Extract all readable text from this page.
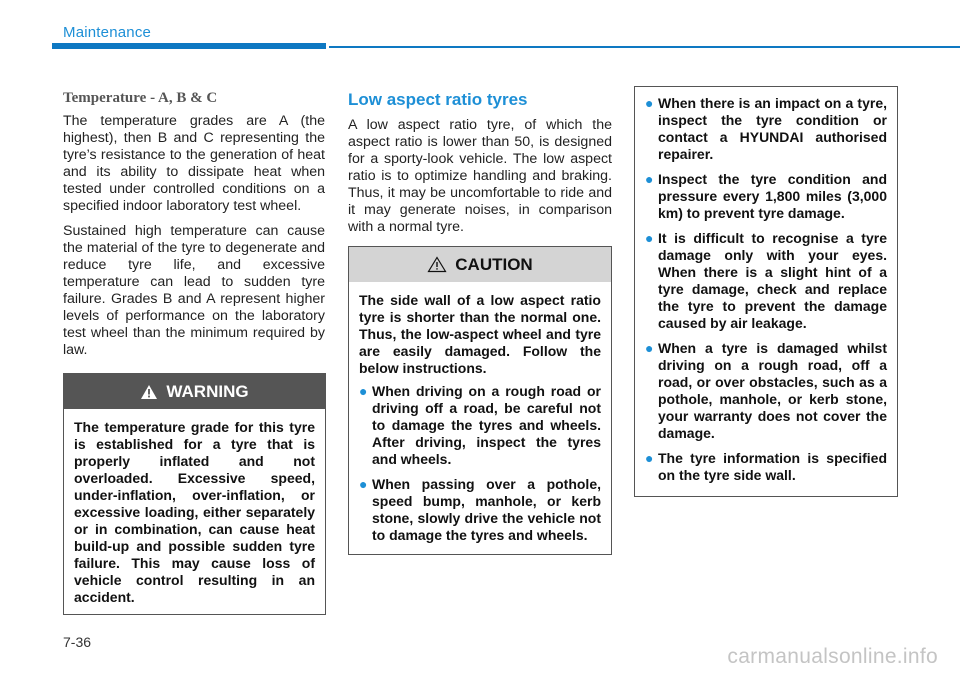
Maintenance
Temperature - A, B & C

The temperature grades are A (the highest), then B and C representing the tyre’s resistance to the generation of heat and its ability to dissipate heat when tested under controlled conditions on a specified indoor laboratory test wheel.

Sustained high temperature can cause the material of the tyre to degenerate and reduce tyre life, and excessive temperature can lead to sudden tyre failure. Grades B and A represent higher levels of performance on the laboratory test wheel than the minimum required by law.

WARNING

The temperature grade for this tyre is established for a tyre that is properly inflated and not overloaded. Excessive speed, under-inflation, over-inflation, or excessive loading, either separately or in combination, can cause heat build-up and possible sudden tyre failure. This may cause loss of vehicle control resulting in an accident.

Low aspect ratio tyres

A low aspect ratio tyre, of which the aspect ratio is lower than 50, is designed for a sporty-look vehicle. The low aspect ratio is to optimize handling and braking. Thus, it may be uncomfortable to ride and it may generate noises, in comparison with a normal tyre.

CAUTION

The side wall of a low aspect ratio tyre is shorter than the normal one. Thus, the low-aspect wheel and tyre are easily damaged. Follow the below instructions.

● When driving on a rough road or driving off a road, be careful not to damage the tyres and wheels. After driving, inspect the tyres and wheels.
● When passing over a pothole, speed bump, manhole, or kerb stone, slowly drive the vehicle not to damage the tyres and wheels.
● When there is an impact on a tyre, inspect the tyre condition or contact a HYUNDAI authorised repairer.
● Inspect the tyre condition and pressure every 1,800 miles (3,000 km) to prevent tyre damage.
● It is difficult to recognise a tyre damage only with your eyes. When there is a slight hint of a tyre damage, check and replace the tyre to prevent the damage caused by air leakage.
● When a tyre is damaged whilst driving on a rough road, off a road, or over obstacles, such as a pothole, manhole, or kerb stone, your warranty does not cover the damage.
● The tyre information is specified on the tyre side wall.
7-36
carmanualsonline.info
